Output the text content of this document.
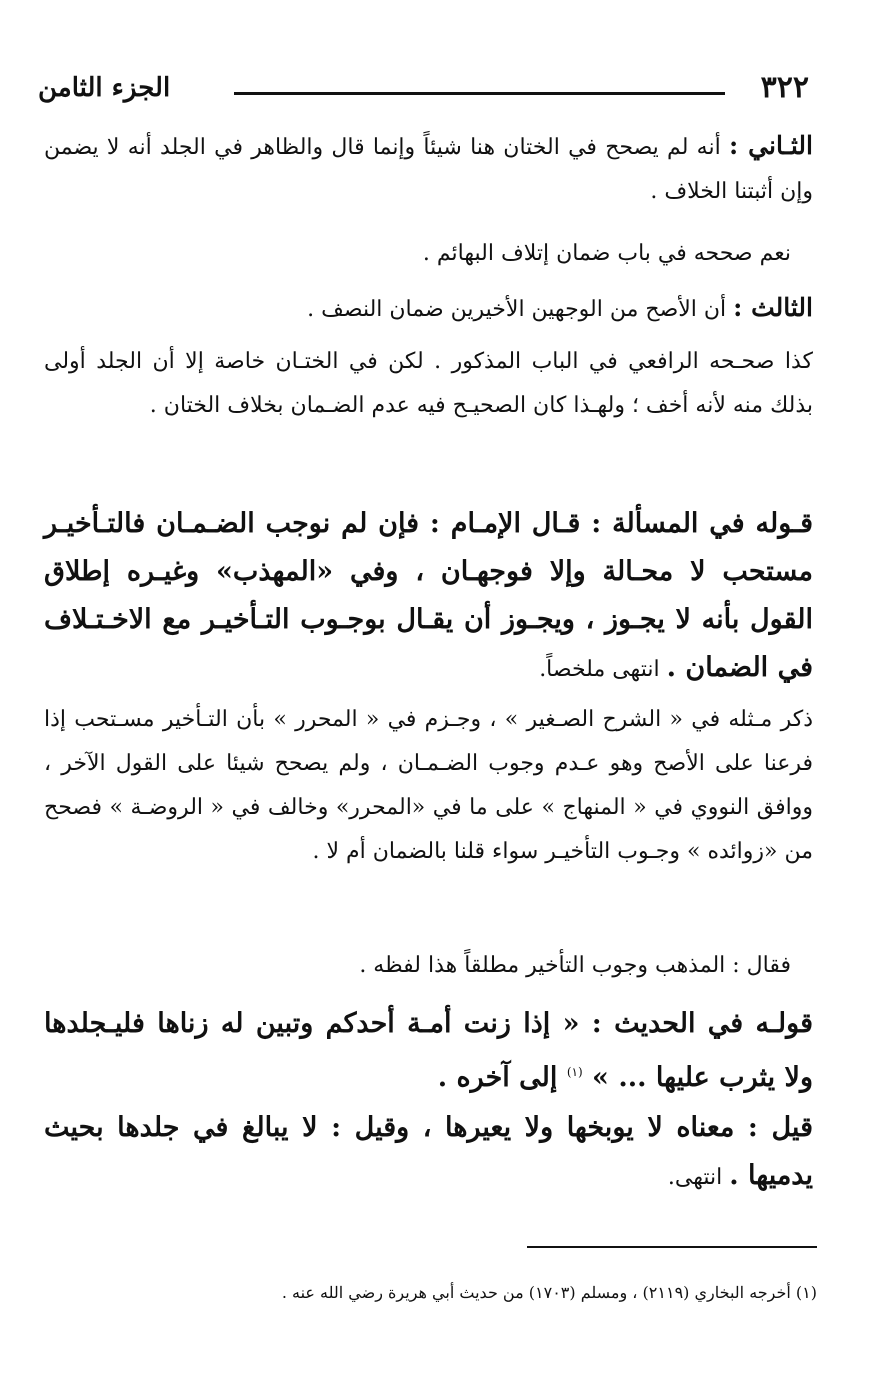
٣٢٢
الجزء الثامن
الثـاني : أنه لم يصحح في الختان هنا شيئاً وإنما قال والظاهر في الجلد أنه لا يضمن وإن أثبتنا الخلاف .
نعم صححه في باب ضمان إتلاف البهائم .
الثالث : أن الأصح من الوجهين الأخيرين ضمان النصف .
كذا صحـحه الرافعي في الباب المذكور . لكن في الختـان خاصة إلا أن الجلد أولى بذلك منه لأنه أخف ؛ ولهـذا كان الصحيـح فيه عدم الضـمان بخلاف الختان .
قـوله في المسألة : قـال الإمـام : فإن لم نوجب الضـمـان فالتـأخيـر مستحب لا محـالة وإلا فوجهـان ، وفي «المهذب» وغيـره إطلاق القول بأنه لا يجـوز ، ويجـوز أن يقـال بوجـوب التـأخيـر مع الاخـتـلاف في الضمان . انتهى ملخصاً.
ذكر مـثله في « الشرح الصـغير » ، وجـزم في « المحرر » بأن التـأخير مسـتحب إذا فرعنا على الأصح وهو عـدم وجوب الضـمـان ، ولم يصحح شيئا على القول الآخر ، ووافق النووي في « المنهاج » على ما في «المحرر» وخالف في « الروضـة » فصحح من «زوائده » وجـوب التأخيـر سواء قلنا بالضمان أم لا .
فقال : المذهب وجوب التأخير مطلقاً هذا لفظه .
قولـه في الحديث : « إذا زنت أمـة أحدكم وتبين له زناها فليـجلدها ولا يثرب عليها ... » $^{(١)}$ إلى آخره .
قيل : معناه لا يوبخها ولا يعيرها ، وقيل : لا يبالغ في جلدها بحيث يدميها . انتهى.
(١) أخرجه البخاري (٢١١٩) ، ومسلم (١٧٠٣) من حديث أبي هريرة رضي الله عنه .
